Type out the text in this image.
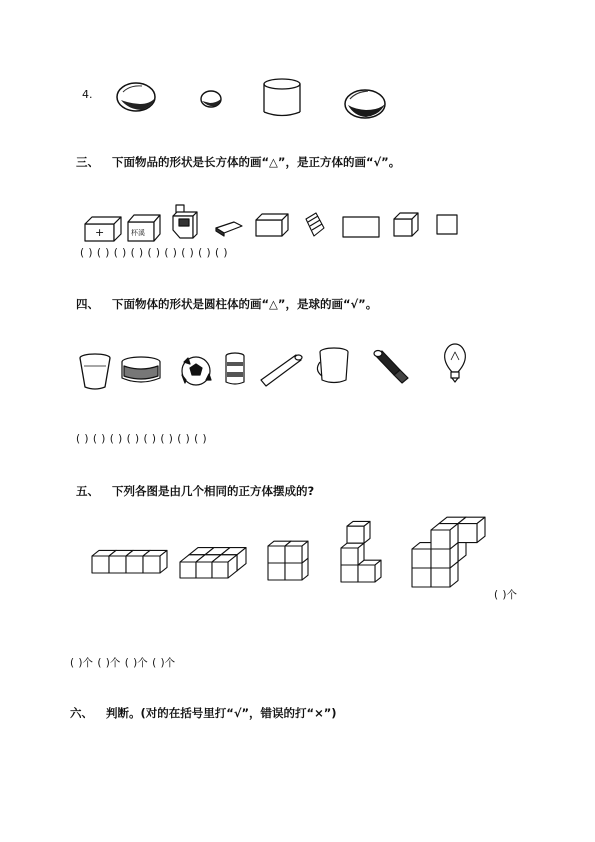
4.
三、 下面物品的形状是长方体的画“△”，是正方体的画“√”。
+	杯溪
( ) ( ) ( ) ( ) ( ) ( ) ( ) ( ) ( )
四、 下面物体的形状是圆柱体的画“△”，是球的画“√”。
( ) ( ) ( ) ( ) ( ) ( ) ( ) ( )
五、 下列各图是由几个相同的正方体摆成的?
( )个
( )个 ( )个 ( )个 ( )个
六、 判断。(对的在括号里打“√”，错误的打“×”)
